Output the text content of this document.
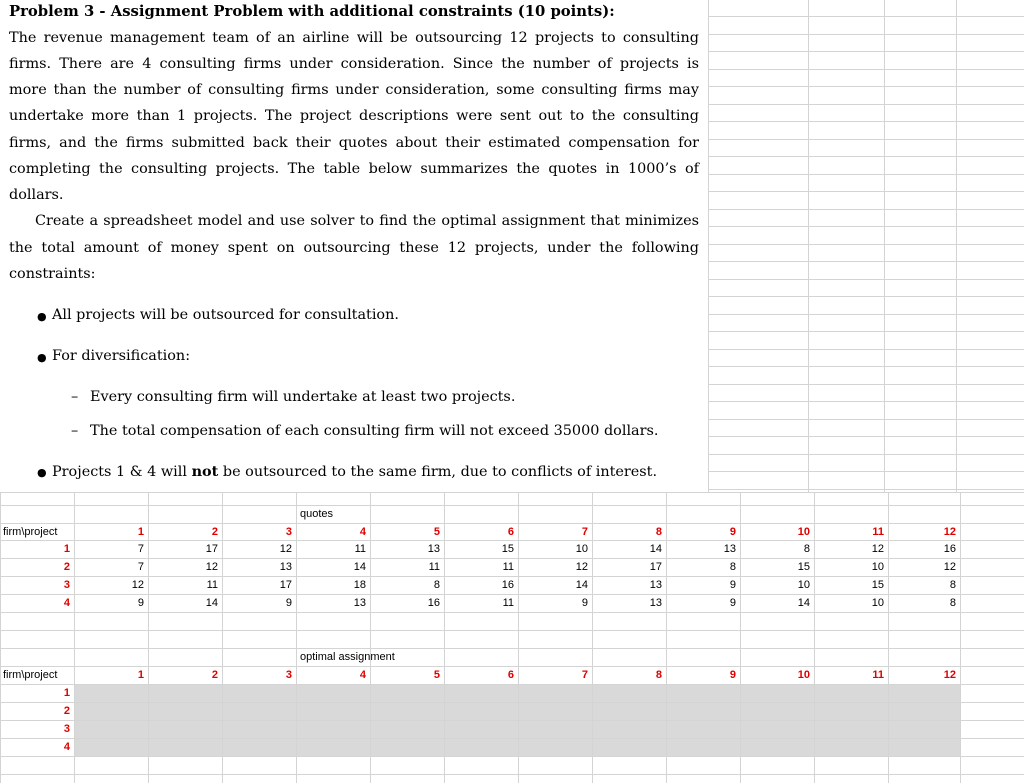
Problem 3 - Assignment Problem with additional constraints (10 points):
The revenue management team of an airline will be outsourcing 12 projects to consulting
firms. There are 4 consulting firms under consideration. Since the number of projects is
more than the number of consulting firms under consideration, some consulting firms may
undertake more than 1 projects. The project descriptions were sent out to the consulting
firms, and the firms submitted back their quotes about their estimated compensation for
completing the consulting projects. The table below summarizes the quotes in 1000’s of
dollars.
Create a spreadsheet model and use solver to find the optimal assignment that minimizes
the total amount of money spent on outsourcing these 12 projects, under the following
constraints:
● All projects will be outsourced for consultation.
● For diversification:
– Every consulting firm will undertake at least two projects.
– The total compensation of each consulting firm will not exceed 35000 dollars.
● Projects 1 & 4 will not be outsourced to the same firm, due to conflicts of interest.
quotes
firm\project	1	2	3	4	5	6	7	8	9	10	11	12
1	7	17	12	11	13	15	10	14	13	8	12	16
2	7	12	13	14	11	11	12	17	8	15	10	12
3	12	11	17	18	8	16	14	13	9	10	15	8
4	9	14	9	13	16	11	9	13	9	14	10	8
optimal assignment
firm\project	1	2	3	4	5	6	7	8	9	10	11	12
1
2
3
4
